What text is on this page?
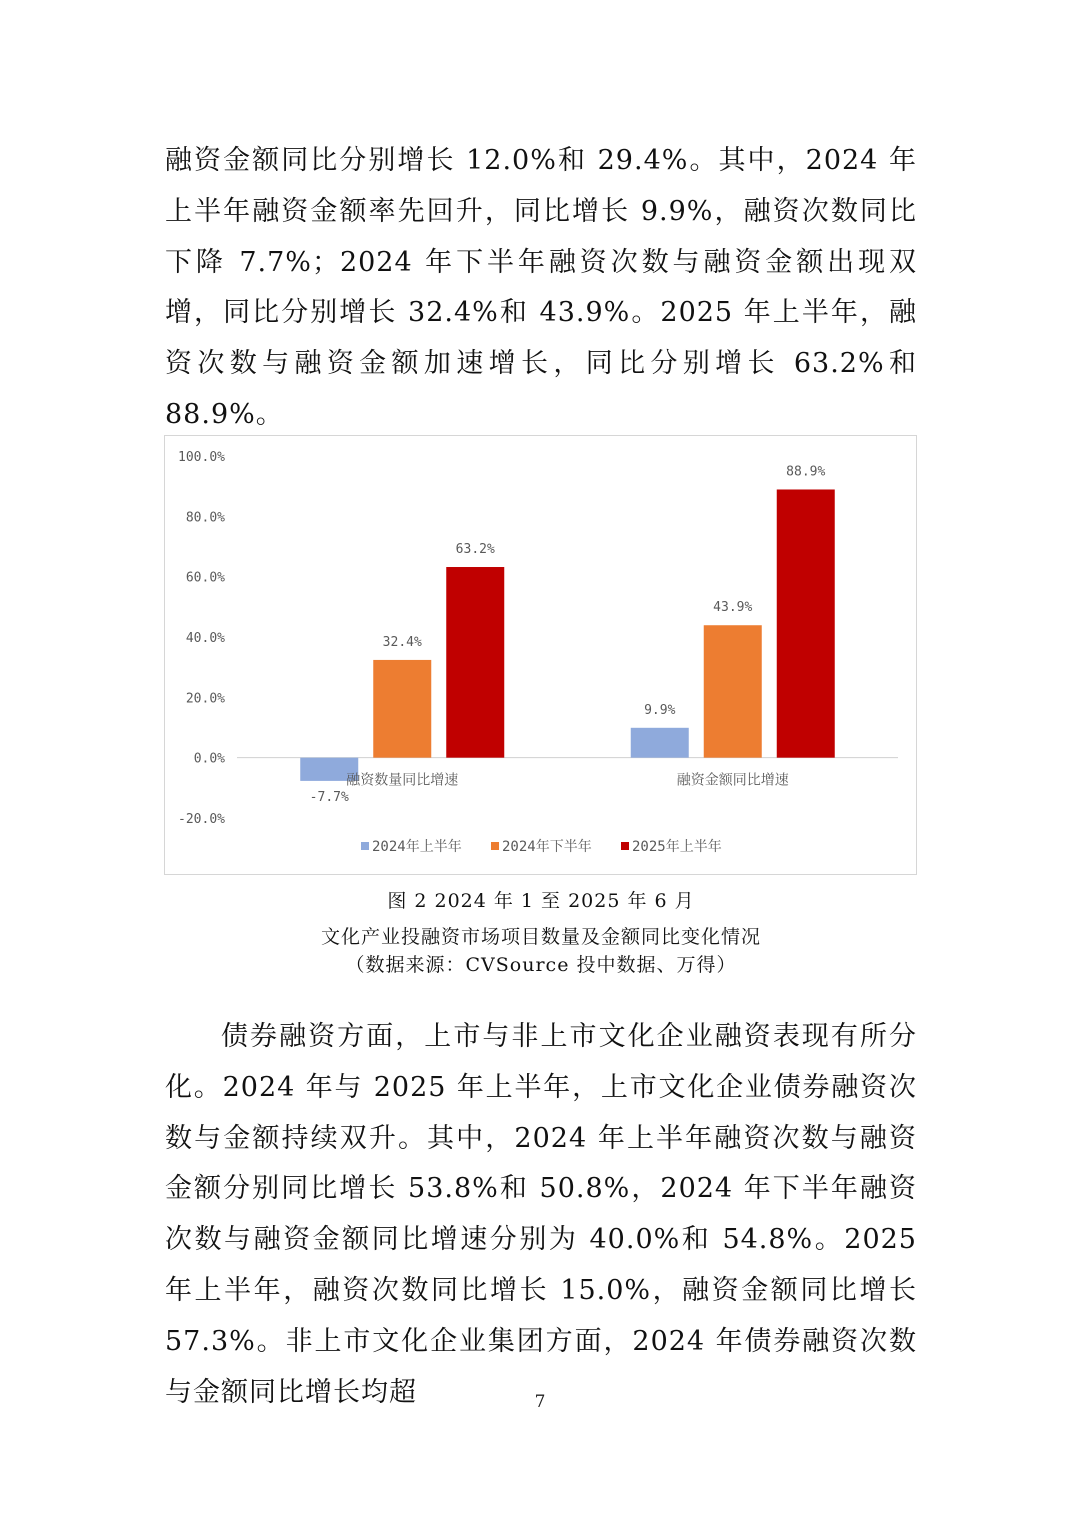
融资金额同比分别增长 12.0%和 29.4%。其中，2024 年上半年融资金额率先回升，同比增长 9.9%，融资次数同比下降 7.7%；2024 年下半年融资次数与融资金额出现双增，同比分别增长 32.4%和 43.9%。2025 年上半年，融资次数与融资金额加速增长，同比分别增长 63.2%和 88.9%。

100.0%
80.0%
60.0%
40.0%
20.0%
0.0%
-20.0%
-7.7%
32.4%
63.2%
9.9%
43.9%
88.9%
融资数量同比增速	融资金额同比增速
2024年上半年	2024年下半年	2025年上半年

图 2 2024 年 1 至 2025 年 6 月

文化产业投融资市场项目数量及金额同比变化情况

（数据来源：CVSource 投中数据、万得）

债券融资方面，上市与非上市文化企业融资表现有所分化。2024 年与 2025 年上半年，上市文化企业债券融资次数与金额持续双升。其中，2024 年上半年融资次数与融资金额分别同比增长 53.8%和 50.8%，2024 年下半年融资次数与融资金额同比增速分别为 40.0%和 54.8%。2025 年上半年，融资次数同比增长 15.0%，融资金额同比增长 57.3%。非上市文化企业集团方面，2024 年债券融资次数与金额同比增长均超	7
